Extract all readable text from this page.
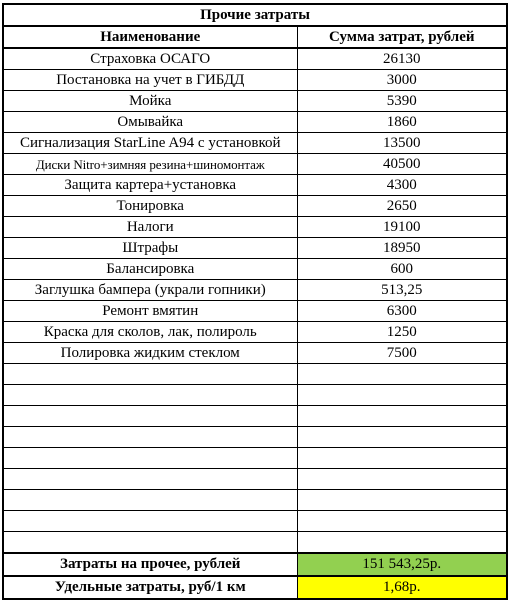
Прочие затраты	
Наименование	Сумма затрат, рублей
Страховка ОСАГО	26130
Постановка на учет в ГИБДД	3000
Мойка	5390
Омывайка	1860
Сигнализация StarLine A94 с установкой	13500
Диски Nitro+зимняя резина+шиномонтаж	40500
Защита картера+установка	4300
Тонировка	2650
Налоги	19100
Штрафы	18950
Балансировка	600
Заглушка бампера (украли гопники)	513,25
Ремонт вмятин	6300
Краска для сколов, лак, полироль	1250
Полировка жидким стеклом	7500

Затраты на прочее, рублей	151 543,25р.
Удельные затраты, руб/1 км	1,68р.
